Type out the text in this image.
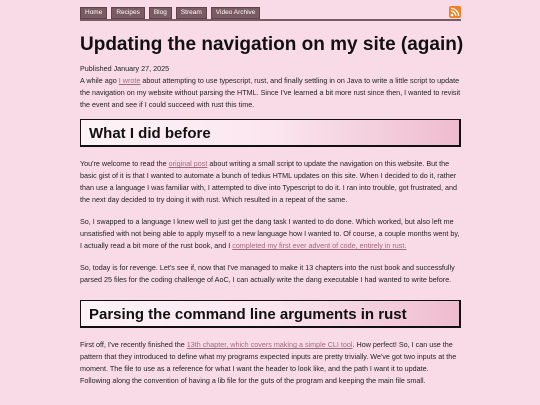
Home	Recipes	Blog	Stream	Video Archive
Updating the navigation on my site (again)

Published January 27, 2025

A while ago I wrote about attempting to use typescript, rust, and finally settling in on Java to write a little script to update the navigation on my website without parsing the HTML. Since I've learned a bit more rust since then, I wanted to revisit the event and see if I could succeed with rust this time.

What I did before

You're welcome to read the original post about writing a small script to update the navigation on this website. But the basic gist of it is that I wanted to automate a bunch of tedius HTML updates on this site. When I decided to do it, rather than use a language I was familiar with, I attempted to dive into Typescript to do it. I ran into trouble, got frustrated, and the next day decided to try doing it with rust. Which resulted in a repeat of the same.

So, I swapped to a language I knew well to just get the dang task I wanted to do done. Which worked, but also left me unsatisfied with not being able to apply myself to a new language how I wanted to. Of course, a couple months went by, I actually read a bit more of the rust book, and I completed my first ever advent of code, entirely in rust.

So, today is for revenge. Let's see if, now that I've managed to make it 13 chapters into the rust book and successfully parsed 25 files for the coding challenge of AoC, I can actually write the dang executable I had wanted to write before.

Parsing the command line arguments in rust

First off, I've recently finished the 13th chapter, which covers making a simple CLI tool. How perfect! So, I can use the pattern that they introduced to define what my programs expected inputs are pretty trivially. We've got two inputs at the moment. The file to use as a reference for what I want the header to look like, and the path I want it to update. Following along the convention of having a lib file for the guts of the program and keeping the main file small.
